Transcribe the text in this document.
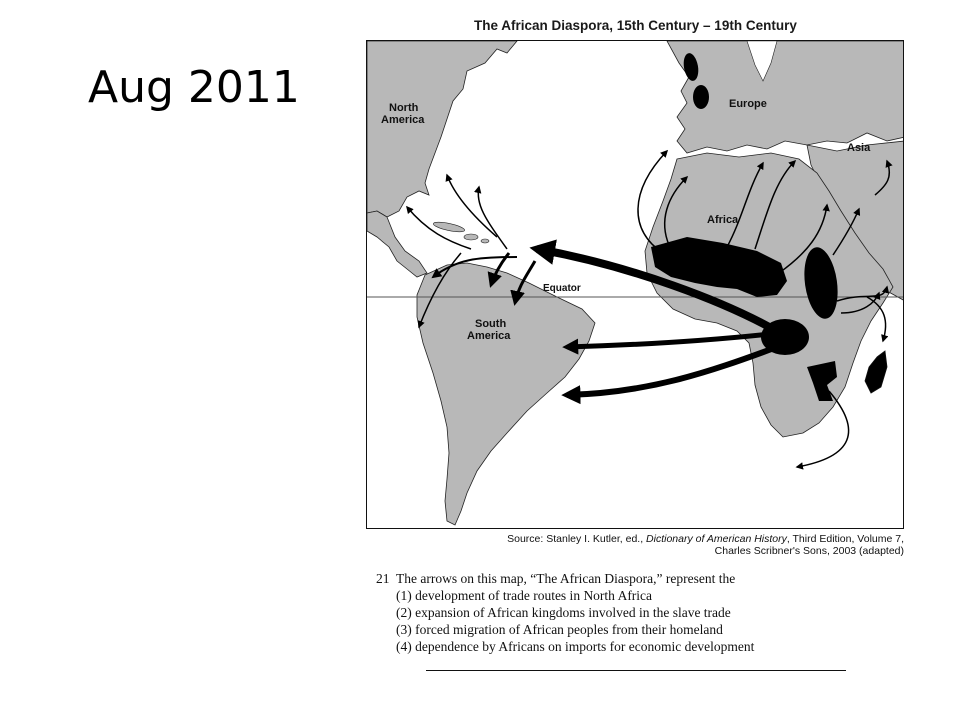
Aug 2011
The African Diaspora, 15th Century – 19th Century
North
America
South
America
Europe
Africa
Asia
Equator
Source: Stanley I. Kutler, ed., Dictionary of American History, Third Edition, Volume 7,
Charles Scribner's Sons, 2003 (adapted)
21 The arrows on this map, “The African Diaspora,” represent the
(1) development of trade routes in North Africa
(2) expansion of African kingdoms involved in the slave trade
(3) forced migration of African peoples from their homeland
(4) dependence by Africans on imports for economic development
